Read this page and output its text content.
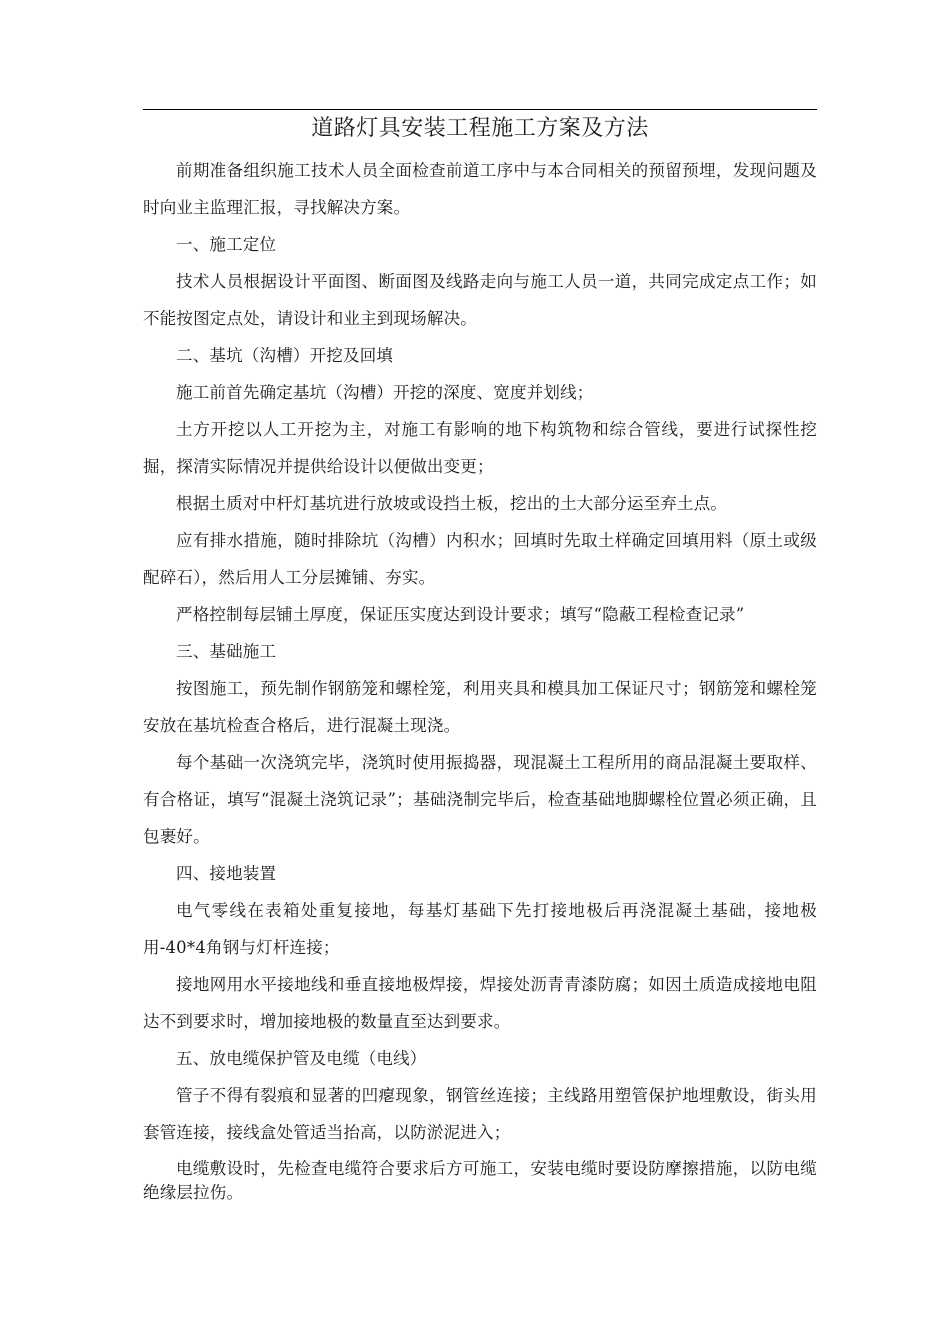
道路灯具安装工程施工方案及方法

前期准备组织施工技术人员全面检查前道工序中与本合同相关的预留预埋，发现问题及时向业主监理汇报，寻找解决方案。

一、施工定位

技术人员根据设计平面图、断面图及线路走向与施工人员一道，共同完成定点工作；如不能按图定点处，请设计和业主到现场解决。

二、基坑（沟槽）开挖及回填

施工前首先确定基坑（沟槽）开挖的深度、宽度并划线；

土方开挖以人工开挖为主，对施工有影响的地下构筑物和综合管线，要进行试探性挖掘，探清实际情况并提供给设计以便做出变更；

根据土质对中杆灯基坑进行放坡或设挡土板，挖出的土大部分运至弃土点。

应有排水措施，随时排除坑（沟槽）内积水；回填时先取土样确定回填用料（原土或级配碎石），然后用人工分层摊铺、夯实。

严格控制每层铺土厚度，保证压实度达到设计要求；填写“隐蔽工程检查记录”

三、基础施工

按图施工，预先制作钢筋笼和螺栓笼，利用夹具和模具加工保证尺寸；钢筋笼和螺栓笼安放在基坑检查合格后，进行混凝土现浇。

每个基础一次浇筑完毕，浇筑时使用振捣器，现混凝土工程所用的商品混凝土要取样、有合格证，填写“混凝土浇筑记录”；基础浇制完毕后，检查基础地脚螺栓位置必须正确，且包裹好。

四、接地装置

电气零线在表箱处重复接地，每基灯基础下先打接地极后再浇混凝土基础，接地极用-40*4角钢与灯杆连接；

接地网用水平接地线和垂直接地极焊接，焊接处沥青青漆防腐；如因土质造成接地电阻达不到要求时，增加接地极的数量直至达到要求。

五、放电缆保护管及电缆（电线）

管子不得有裂痕和显著的凹瘪现象，钢管丝连接；主线路用塑管保护地埋敷设，街头用套管连接，接线盒处管适当抬高，以防淤泥进入；

电缆敷设时，先检查电缆符合要求后方可施工，安装电缆时要设防摩擦措施，以防电缆绝缘层拉伤。
